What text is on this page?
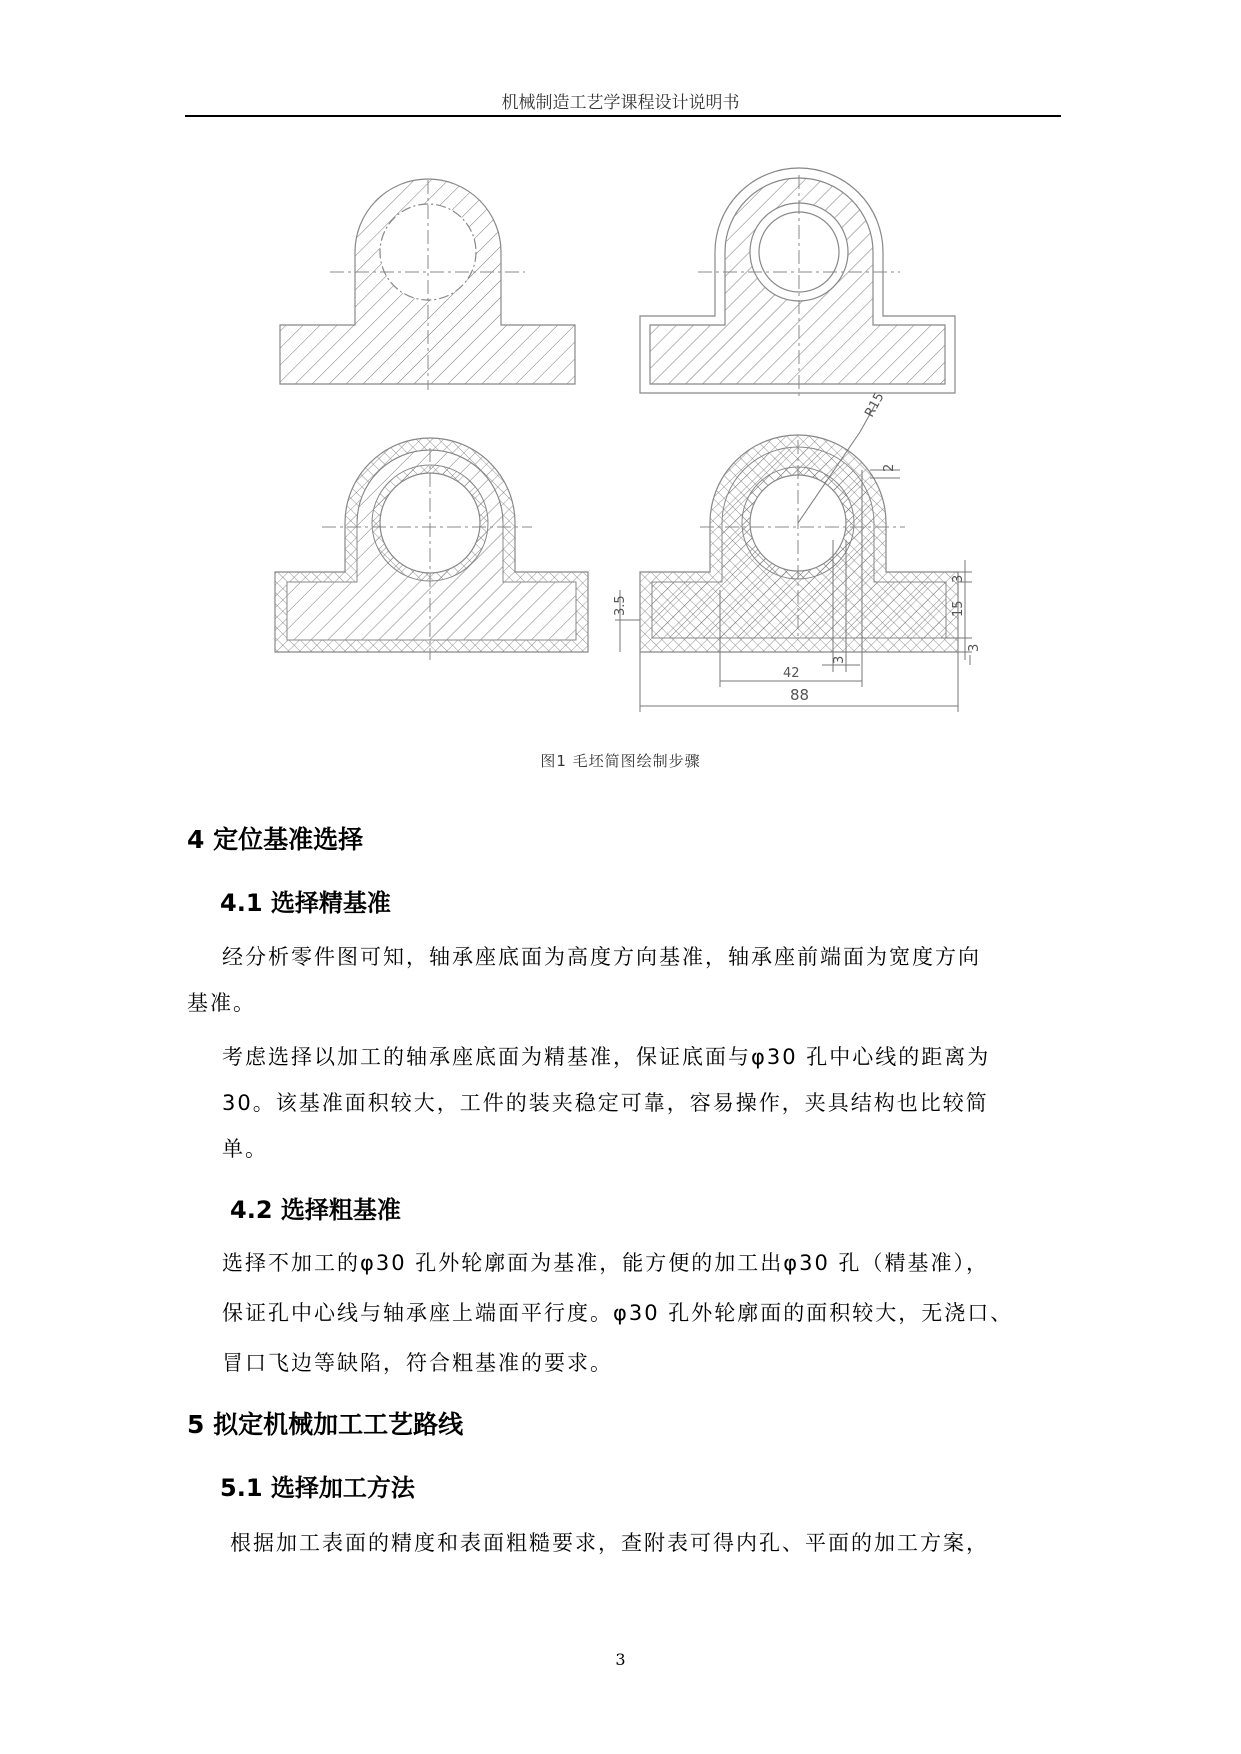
机械制造工艺学课程设计说明书
R15
2
3
15
3
3.5
3
42
88
图1 毛坯简图绘制步骤
4 定位基准选择
4.1 选择精基准
经分析零件图可知，轴承座底面为高度方向基准，轴承座前端面为宽度方向
基准。
考虑选择以加工的轴承座底面为精基准，保证底面与φ30 孔中心线的距离为
30。该基准面积较大，工件的装夹稳定可靠，容易操作，夹具结构也比较简
单。
4.2 选择粗基准
选择不加工的φ30 孔外轮廓面为基准，能方便的加工出φ30 孔（精基准），
保证孔中心线与轴承座上端面平行度。φ30 孔外轮廓面的面积较大，无浇口、
冒口飞边等缺陷，符合粗基准的要求。
5 拟定机械加工工艺路线
5.1 选择加工方法
根据加工表面的精度和表面粗糙要求，查附表可得内孔、平面的加工方案，
3
